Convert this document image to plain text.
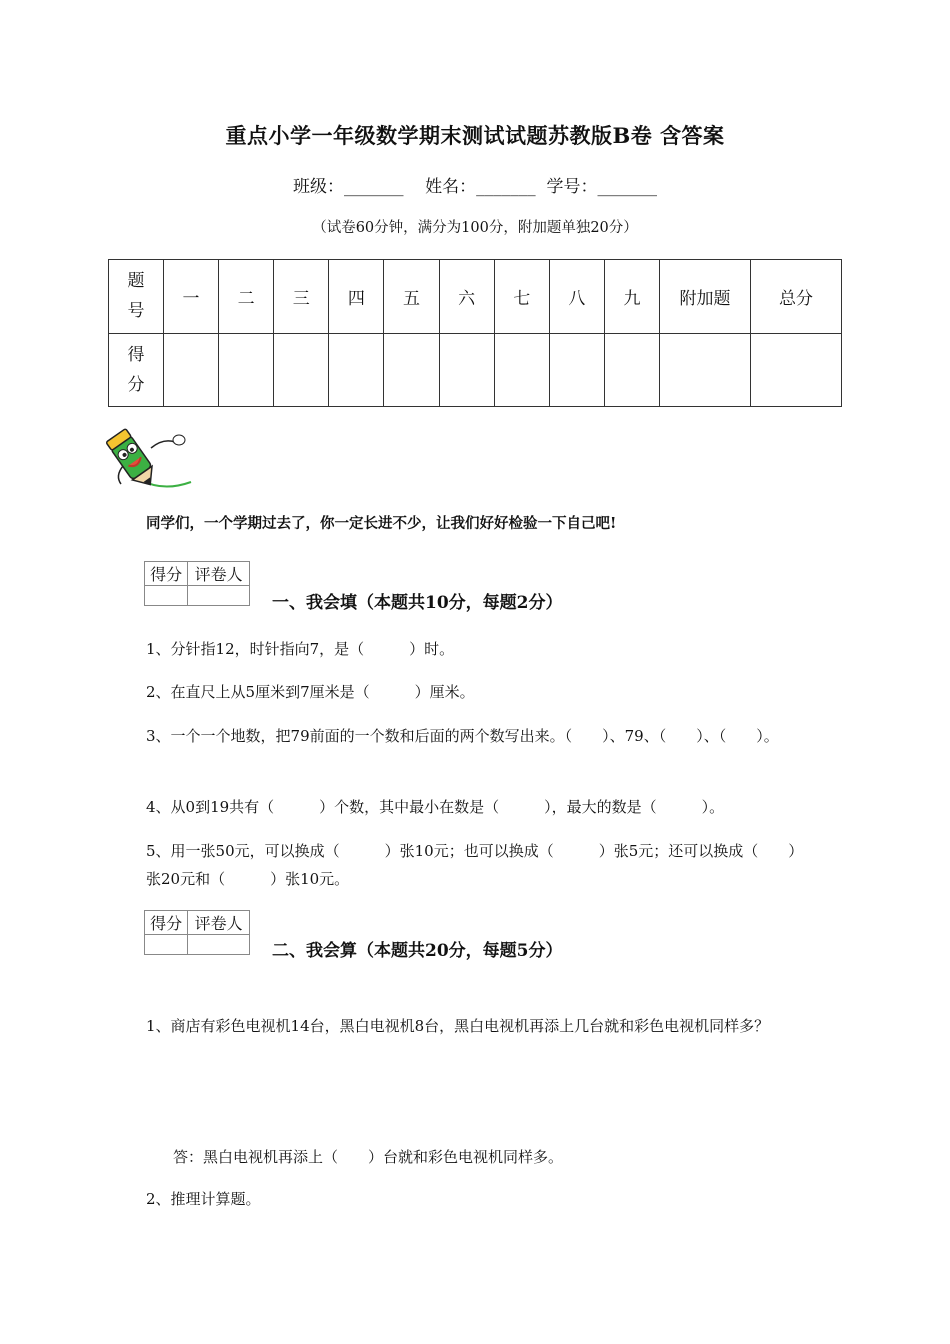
重点小学一年级数学期末测试试题苏教版B卷 含答案
班级：_______ 姓名：_______ 学号：_______
（试卷60分钟，满分为100分，附加题单独20分）
题号	一	二	三	四	五	六	七	八	九	附加题	总分

得分											

同学们，一个学期过去了，你一定长进不少，让我们好好检验一下自己吧!
得分	评卷人

一、我会填（本题共10分，每题2分）
1、分针指12，时针指向7，是（　　　）时。
2、在直尺上从5厘米到7厘米是（　　　）厘米。
3、一个一个地数，把79前面的一个数和后面的两个数写出来。（　　）、79、（　　）、（　　）。
4、从0到19共有（　　　）个数，其中最小在数是（　　　），最大的数是（　　　）。
5、用一张50元，可以换成（　　　）张10元；也可以换成（　　　）张5元；还可以换成（　　）张20元和（　　　）张10元。
得分	评卷人

二、我会算（本题共20分，每题5分）
1、商店有彩色电视机14台，黑白电视机8台，黑白电视机再添上几台就和彩色电视机同样多？
答：黑白电视机再添上（　　）台就和彩色电视机同样多。
2、推理计算题。
